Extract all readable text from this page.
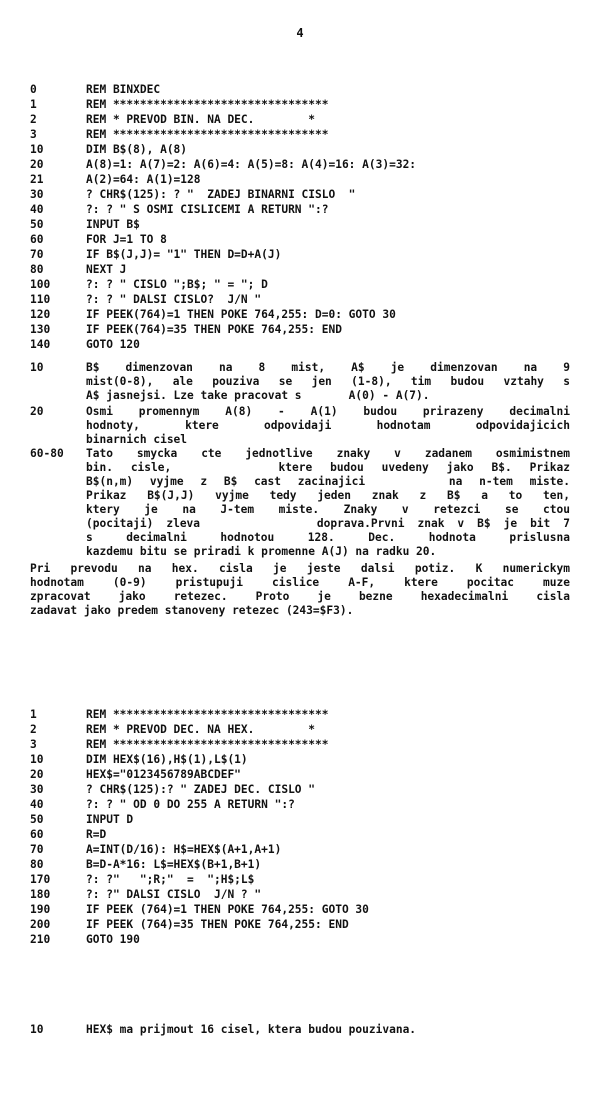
4
0	REM BINXDEC
1	REM ********************************
2	REM * PREVOD BIN. NA DEC.        *
3	REM ********************************
10	DIM B$(8), A(8)
20	A(8)=1: A(7)=2: A(6)=4: A(5)=8: A(4)=16: A(3)=32:
21	A(2)=64: A(1)=128
30	? CHR$(125): ? "  ZADEJ BINARNI CISLO  "
40	?: ? " S OSMI CISLICEMI A RETURN ":?
50	INPUT B$
60	FOR J=1 TO 8
70	IF B$(J,J)= "1" THEN D=D+A(J)
80	NEXT J
100	?: ? " CISLO ";B$; " = "; D
110	?: ? " DALSI CISLO?  J/N "
120	IF PEEK(764)=1 THEN POKE 764,255: D=0: GOTO 30
130	IF PEEK(764)=35 THEN POKE 764,255: END
140	GOTO 120
10	B$ dimenzovan na 8 mist, A$ je dimenzovan na 9
mist(0-8), ale pouziva se jen (1-8), tim budou vztahy s
A$ jasnejsi. Lze take pracovat s       A(0) - A(7).
20	Osmi promennym A(8) - A(1) budou prirazeny decimalni
hodnoty, ktere odpovidaji hodnotam odpovidajicich
binarnich cisel
60-80	Tato smycka cte jednotlive znaky v zadanem osmimistnem
bin. cisle,      ktere budou uvedeny jako B$. Prikaz
B$(n,m) vyjme z B$ cast zacinajici     na n-tem miste.
Prikaz B$(J,J) vyjme tedy jeden znak z B$ a to ten,
ktery je na J-tem miste. Znaky v retezci se ctou
(pocitaji) zleva         doprava.Prvni znak v B$ je bit 7
s decimalni hodnotou 128. Dec. hodnota prislusna
kazdemu bitu se priradi k promenne A(J) na radku 20.
Pri prevodu na hex. cisla je jeste dalsi potiz. K numerickym
hodnotam (0-9) pristupuji cislice A-F, ktere pocitac muze
zpracovat jako retezec. Proto je bezne hexadecimalni cisla
zadavat jako predem stanoveny retezec (243=$F3).
1	REM ********************************
2	REM * PREVOD DEC. NA HEX.        *
3	REM ********************************
10	DIM HEX$(16),H$(1),L$(1)
20	HEX$="0123456789ABCDEF"
30	? CHR$(125):? " ZADEJ DEC. CISLO "
40	?: ? " OD 0 DO 255 A RETURN ":?
50	INPUT D
60	R=D
70	A=INT(D/16): H$=HEX$(A+1,A+1)
80	B=D-A*16: L$=HEX$(B+1,B+1)
170	?: ?"   ";R;"  =  ";H$;L$
180	?: ?" DALSI CISLO  J/N ? "
190	IF PEEK (764)=1 THEN POKE 764,255: GOTO 30
200	IF PEEK (764)=35 THEN POKE 764,255: END
210	GOTO 190
10	HEX$ ma prijmout 16 cisel, ktera budou pouzivana.
